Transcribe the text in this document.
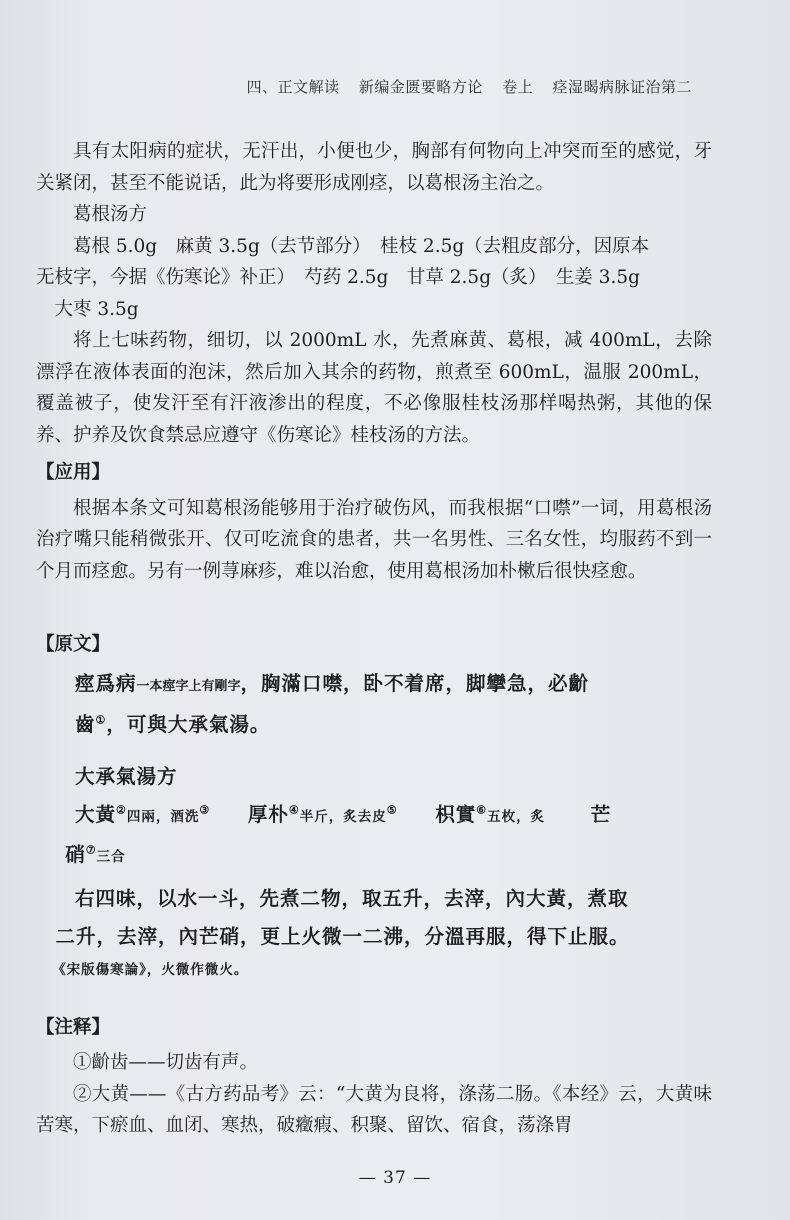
四、正文解读 新编金匮要略方论 卷上 痉湿暍病脉证治第二

具有太阳病的症状，无汗出，小便也少，胸部有何物向上冲突而至的感觉，牙关紧闭，甚至不能说话，此为将要形成刚痉，以葛根汤主治之。

葛根汤方

葛根 5.0g　麻黄 3.5g（去节部分）　桂枝 2.5g（去粗皮部分，因原本

无枝字，今据《伤寒论》补正）　芍药 2.5g　甘草 2.5g（炙）　生姜 3.5g

大枣 3.5g

将上七味药物，细切，以 2000mL 水，先煮麻黄、葛根，减 400mL，去除漂浮在液体表面的泡沫，然后加入其余的药物，煎煮至 600mL，温服 200mL，覆盖被子，使发汗至有汗液渗出的程度，不必像服桂枝汤那样喝热粥，其他的保养、护养及饮食禁忌应遵守《伤寒论》桂枝汤的方法。

【应用】

根据本条文可知葛根汤能够用于治疗破伤风，而我根据“口噤”一词，用葛根汤治疗嘴只能稍微张开、仅可吃流食的患者，共一名男性、三名女性，均服药不到一个月而痉愈。另有一例荨麻疹，难以治愈，使用葛根汤加朴樕后很快痉愈。

【原文】

痙爲病一本痙字上有剛字，胸滿口噤，卧不着席，脚攣急，必齘
齒①，可與大承氣湯。
大承氣湯方
大黃②四兩，酒洗③ 厚朴④半斤，炙去皮⑤ 枳實⑥五枚，炙 芒
硝⑦三合
右四味，以水一斗，先煮二物，取五升，去滓，內大黃，煮取
二升，去滓，內芒硝，更上火微一二沸，分溫再服，得下止服。
《宋版傷寒論》，火微作微火。

【注释】

①齘齿——切齿有声。

②大黄——《古方药品考》云：“大黄为良将，涤荡二肠。《本经》云，大黄味苦寒，下瘀血、血闭、寒热，破癥瘕、积聚、留饮、宿食，荡涤胃

— 37 —
